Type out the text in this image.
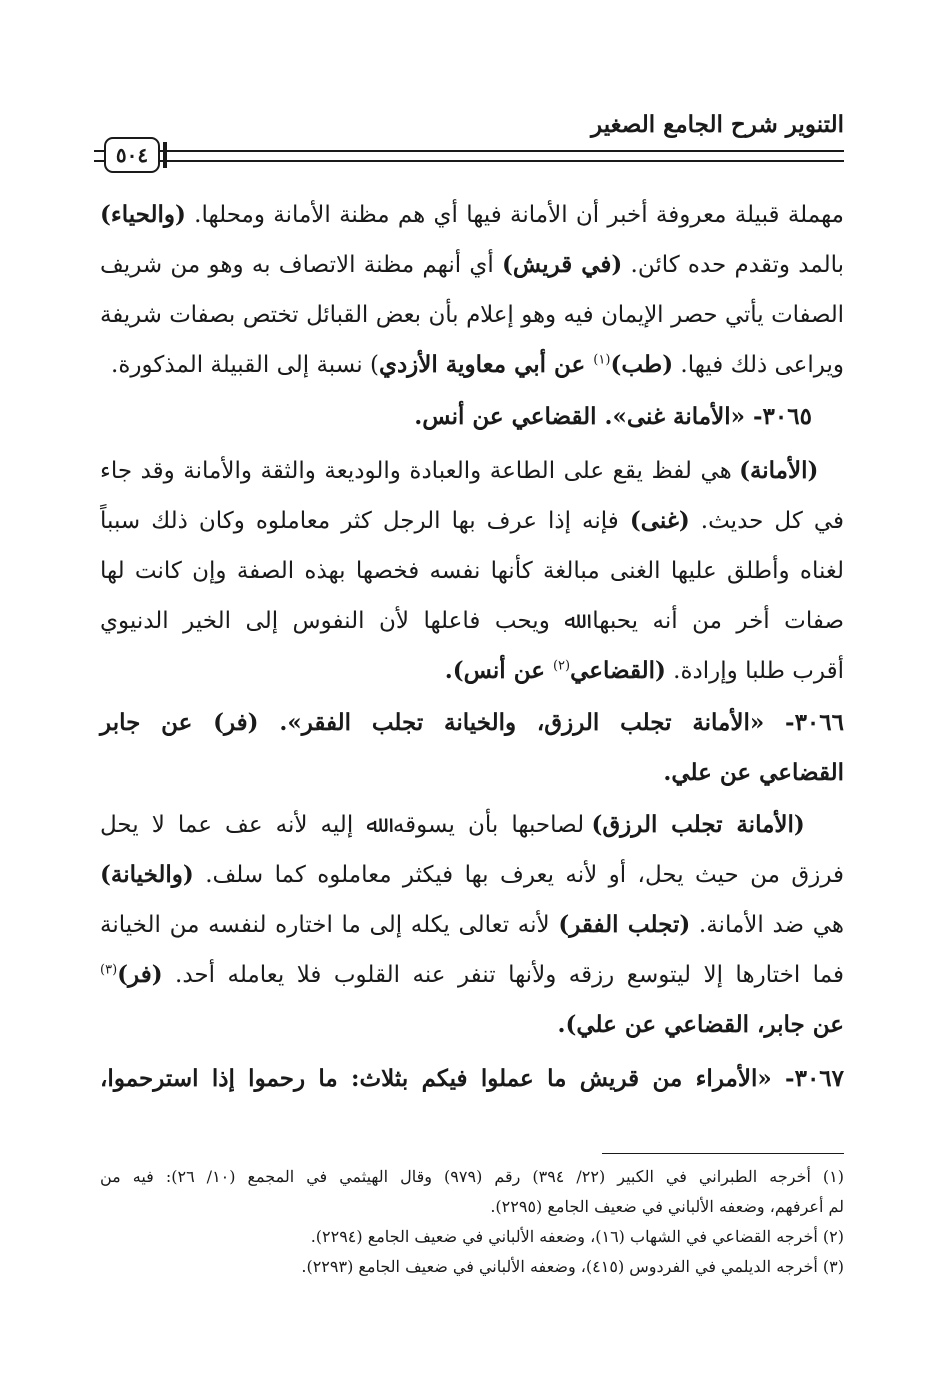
التنوير شرح الجامع الصغير
٥٠٤
مهملة قبيلة معروفة أخبر أن الأمانة فيها أي هم مظنة الأمانة ومحلها. (والحياء)
بالمد وتقدم حده كائن. (في قريش) أي أنهم مظنة الاتصاف به وهو من شريف
الصفات يأتي حصر الإيمان فيه وهو إعلام بأن بعض القبائل تختص بصفات شريفة
ويراعى ذلك فيها. (طب)$^{(١)}$ عن أبي معاوية الأزدي) نسبة إلى القبيلة المذكورة.
٣٠٦٥- «الأمانة غنى». القضاعي عن أنس.
(الأمانة) هي لفظ يقع على الطاعة والعبادة والوديعة والثقة والأمانة وقد جاء
في كل حديث. (غنى) فإنه إذا عرف بها الرجل كثر معاملوه وكان ذلك سبباً
لغناه وأطلق عليها الغنى مبالغة كأنها نفسه فخصها بهذه الصفة وإن كانت لها
صفات أخر من أنه يحبها ﷲ ويحب فاعلها لأن النفوس إلى الخير الدنيوي
أقرب طلبا وإرادة. (القضاعي$^{(٢)}$ عن أنس).
٣٠٦٦- «الأمانة تجلب الرزق، والخيانة تجلب الفقر». (فر) عن جابر
القضاعي عن علي.
(الأمانة تجلب الرزق) لصاحبها بأن يسوقه ﷲ إليه لأنه عف عما لا يحل
فرزق من حيث يحل، أو لأنه يعرف بها فيكثر معاملوه كما سلف. (والخيانة)
هي ضد الأمانة. (تجلب الفقر) لأنه تعالى يكله إلى ما اختاره لنفسه من الخيانة
فما اختارها إلا ليتوسع رزقه ولأنها تنفر عنه القلوب فلا يعامله أحد. (فر)$^{(٣)}$
عن جابر، القضاعي عن علي).
٣٠٦٧- «الأمراء من قريش ما عملوا فيكم بثلاث: ما رحموا إذا استرحموا،
(١) أخرجه الطبراني في الكبير (٢٢/ ٣٩٤) رقم (٩٧٩) وقال الهيثمي في المجمع (١٠/ ٢٦): فيه من
لم أعرفهم، وضعفه الألباني في ضعيف الجامع (٢٢٩٥).
(٢) أخرجه القضاعي في الشهاب (١٦)، وضعفه الألباني في ضعيف الجامع (٢٢٩٤).
(٣) أخرجه الديلمي في الفردوس (٤١٥)، وضعفه الألباني في ضعيف الجامع (٢٢٩٣).
